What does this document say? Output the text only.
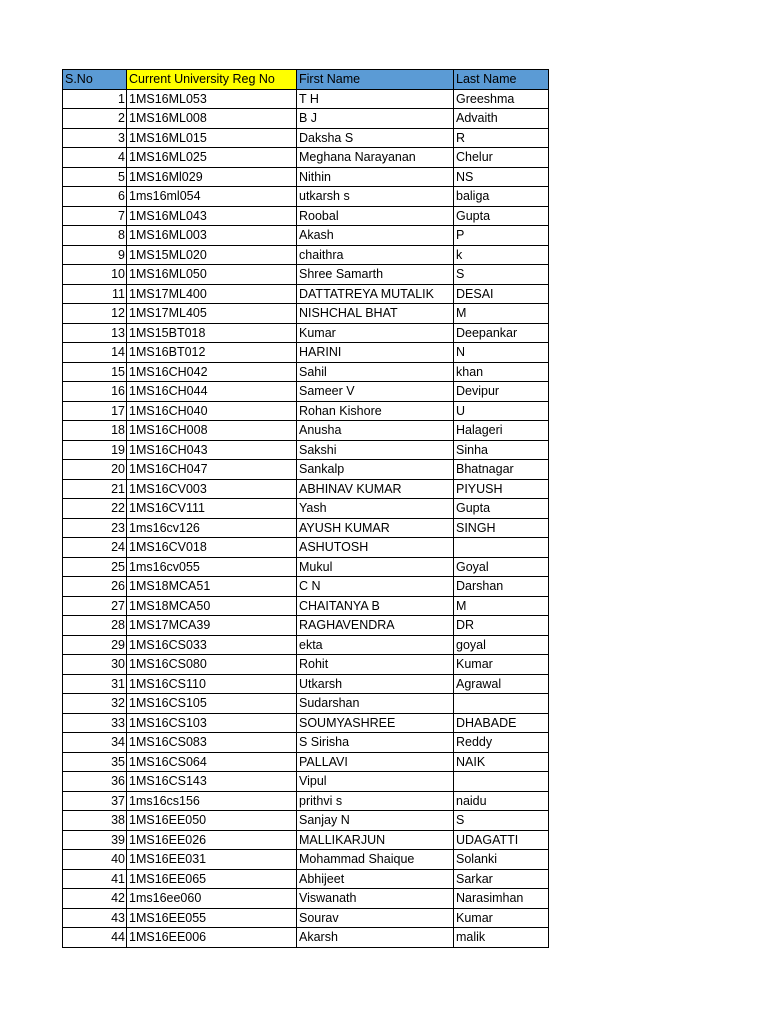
S.No	Current University Reg No	First Name	Last Name
1	1MS16ML053	T H	Greeshma
2	1MS16ML008	B J	Advaith
3	1MS16ML015	Daksha S	R
4	1MS16ML025	Meghana Narayanan	Chelur
5	1MS16Ml029	Nithin	NS
6	1ms16ml054	utkarsh s	baliga
7	1MS16ML043	Roobal	Gupta
8	1MS16ML003	Akash	P
9	1MS15ML020	chaithra	k
10	1MS16ML050	Shree Samarth	S
11	1MS17ML400	DATTATREYA MUTALIK	DESAI
12	1MS17ML405	NISHCHAL BHAT	M
13	1MS15BT018	Kumar	Deepankar
14	1MS16BT012	HARINI	N
15	1MS16CH042	Sahil	khan
16	1MS16CH044	Sameer V	Devipur
17	1MS16CH040	Rohan Kishore	U
18	1MS16CH008	Anusha	Halageri
19	1MS16CH043	Sakshi	Sinha
20	1MS16CH047	Sankalp	Bhatnagar
21	1MS16CV003	ABHINAV KUMAR	PIYUSH
22	1MS16CV111	Yash	Gupta
23	1ms16cv126	AYUSH KUMAR	SINGH
24	1MS16CV018	ASHUTOSH	
25	1ms16cv055	Mukul	Goyal
26	1MS18MCA51	C N	Darshan
27	1MS18MCA50	CHAITANYA B	M
28	1MS17MCA39	RAGHAVENDRA	DR
29	1MS16CS033	ekta	goyal
30	1MS16CS080	Rohit	Kumar
31	1MS16CS110	Utkarsh	Agrawal
32	1MS16CS105	Sudarshan	
33	1MS16CS103	SOUMYASHREE	DHABADE
34	1MS16CS083	S Sirisha	Reddy
35	1MS16CS064	PALLAVI	NAIK
36	1MS16CS143	Vipul	
37	1ms16cs156	prithvi s	naidu
38	1MS16EE050	Sanjay N	S
39	1MS16EE026	MALLIKARJUN	UDAGATTI
40	1MS16EE031	Mohammad Shaique	Solanki
41	1MS16EE065	Abhijeet	Sarkar
42	1ms16ee060	Viswanath	Narasimhan
43	1MS16EE055	Sourav	Kumar
44	1MS16EE006	Akarsh	malik
